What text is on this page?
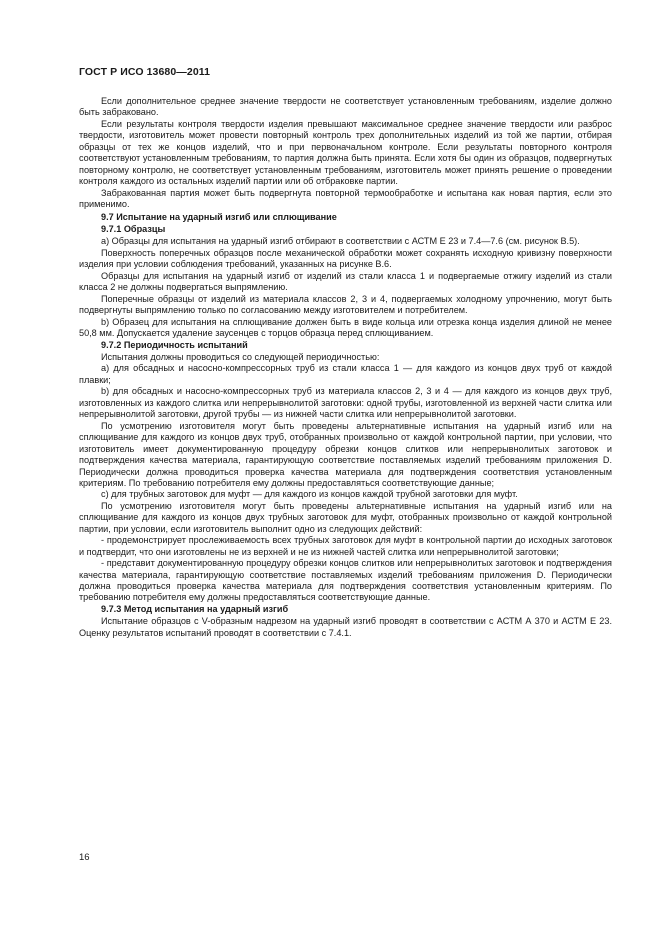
ГОСТ Р ИСО 13680—2011

Если дополнительное среднее значение твердости не соответствует установленным требованиям, изделие должно быть забраковано.

Если результаты контроля твердости изделия превышают максимальное среднее значение твердости или разброс твердости, изготовитель может провести повторный контроль трех дополнительных изделий из той же партии, отбирая образцы от тех же концов изделий, что и при первоначальном контроле. Если результаты повторного контроля соответствуют установленным требованиям, то партия должна быть принята. Если хотя бы один из образцов, подвергнутых повторному контролю, не соответствует установленным требованиям, изготовитель может принять решение о проведении контроля каждого из остальных изделий партии или об отбраковке партии.

Забракованная партия может быть подвергнута повторной термообработке и испытана как новая партия, если это применимо.

9.7 Испытание на ударный изгиб или сплющивание

9.7.1 Образцы

a) Образцы для испытания на ударный изгиб отбирают в соответствии с АСТМ Е 23 и 7.4—7.6 (см. рисунок В.5).

Поверхность поперечных образцов после механической обработки может сохранять исходную кривизну поверхности изделия при условии соблюдения требований, указанных на рисунке В.6.

Образцы для испытания на ударный изгиб от изделий из стали класса 1 и подвергаемые отжигу изделий из стали класса 2 не должны подвергаться выпрямлению.

Поперечные образцы от изделий из материала классов 2, 3 и 4, подвергаемых холодному упрочнению, могут быть подвергнуты выпрямлению только по согласованию между изготовителем и потребителем.

b) Образец для испытания на сплющивание должен быть в виде кольца или отрезка конца изделия длиной не менее 50,8 мм. Допускается удаление заусенцев с торцов образца перед сплющиванием.

9.7.2 Периодичность испытаний

Испытания должны проводиться со следующей периодичностью:

a) для обсадных и насосно-компрессорных труб из стали класса 1 — для каждого из концов двух труб от каждой плавки;

b) для обсадных и насосно-компрессорных труб из материала классов 2, 3 и 4 — для каждого из концов двух труб, изготовленных из каждого слитка или непрерывнолитой заготовки: одной трубы, изготовленной из верхней части слитка или непрерывнолитой заготовки, другой трубы — из нижней части слитка или непрерывнолитой заготовки.

По усмотрению изготовителя могут быть проведены альтернативные испытания на ударный изгиб или на сплющивание для каждого из концов двух труб, отобранных произвольно от каждой контрольной партии, при условии, что изготовитель имеет документированную процедуру обрезки концов слитков или непрерывнолитых заготовок и подтверждения качества материала, гарантирующую соответствие поставляемых изделий требованиям приложения D. Периодически должна проводиться проверка качества материала для подтверждения соответствия установленным критериям. По требованию потребителя ему должны предоставляться соответствующие данные;

c) для трубных заготовок для муфт — для каждого из концов каждой трубной заготовки для муфт.

По усмотрению изготовителя могут быть проведены альтернативные испытания на ударный изгиб или на сплющивание для каждого из концов двух трубных заготовок для муфт, отобранных произвольно от каждой контрольной партии, при условии, если изготовитель выполнит одно из следующих действий:

- продемонстрирует прослеживаемость всех трубных заготовок для муфт в контрольной партии до исходных заготовок и подтвердит, что они изготовлены не из верхней и не из нижней частей слитка или непрерывнолитой заготовки;

- представит документированную процедуру обрезки концов слитков или непрерывнолитых заготовок и подтверждения качества материала, гарантирующую соответствие поставляемых изделий требованиям приложения D. Периодически должна проводиться проверка качества материала для подтверждения соответствия установленным критериям. По требованию потребителя ему должны предоставляться соответствующие данные.

9.7.3 Метод испытания на ударный изгиб

Испытание образцов с V-образным надрезом на ударный изгиб проводят в соответствии с АСТМ А 370 и АСТМ Е 23. Оценку результатов испытаний проводят в соответствии с 7.4.1.

16
